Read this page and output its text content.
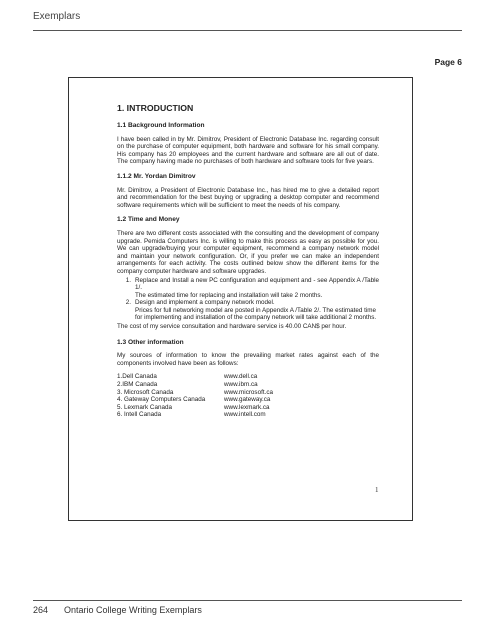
Exemplars
Page 6
1. INTRODUCTION
1.1 Background Information

I have been called in by Mr. Dimitrov, President of Electronic Database Inc. regarding consult on the purchase of computer equipment, both hardware and software for his small company. His company has 20 employees and the current hardware and software are all out of date. The company having made no purchases of both hardware and software tools for five years.

1.1.2 Mr. Yordan Dimitrov

Mr. Dimitrov, a President of Electronic Database Inc., has hired me to give a detailed report and recommendation for the best buying or upgrading a desktop computer and recommend software requirements which will be sufficient to meet the needs of his company.

1.2 Time and Money

There are two different costs associated with the consulting and the development of company upgrade. Pemida Computers Inc. is willing to make this process as easy as possible for you. We can upgrade/buying your computer equipment, recommend a company network model and maintain your network configuration. Or, if you prefer we can make an independent arrangements for each activity. The costs outlined below show the different items for the company computer hardware and software upgrades.

1. Replace and Install a new PC configuration and equipment and - see Appendix A /Table 1/.
The estimated time for replacing and installation will take 2 months.
2. Design and implement a company network model.
Prices for full networking model are posted in Appendix A /Table 2/. The estimated time for implementing and installation of the company network will take additional 2 months.

The cost of my service consultation and hardware service is 40.00 CAN$ per hour.

1.3 Other information

My sources of information to know the prevailing market rates against each of the components involved have been as follows:

1.Dell Canada	www.dell.ca
2.IBM Canada	www.ibm.ca
3. Microsoft Canada	www.microsoft.ca
4. Gateway Computers Canada	www.gateway.ca
5. Lexmark Canada	www.lexmark.ca
6. Intell Canada	www.intell.com
1
264 Ontario College Writing Exemplars
